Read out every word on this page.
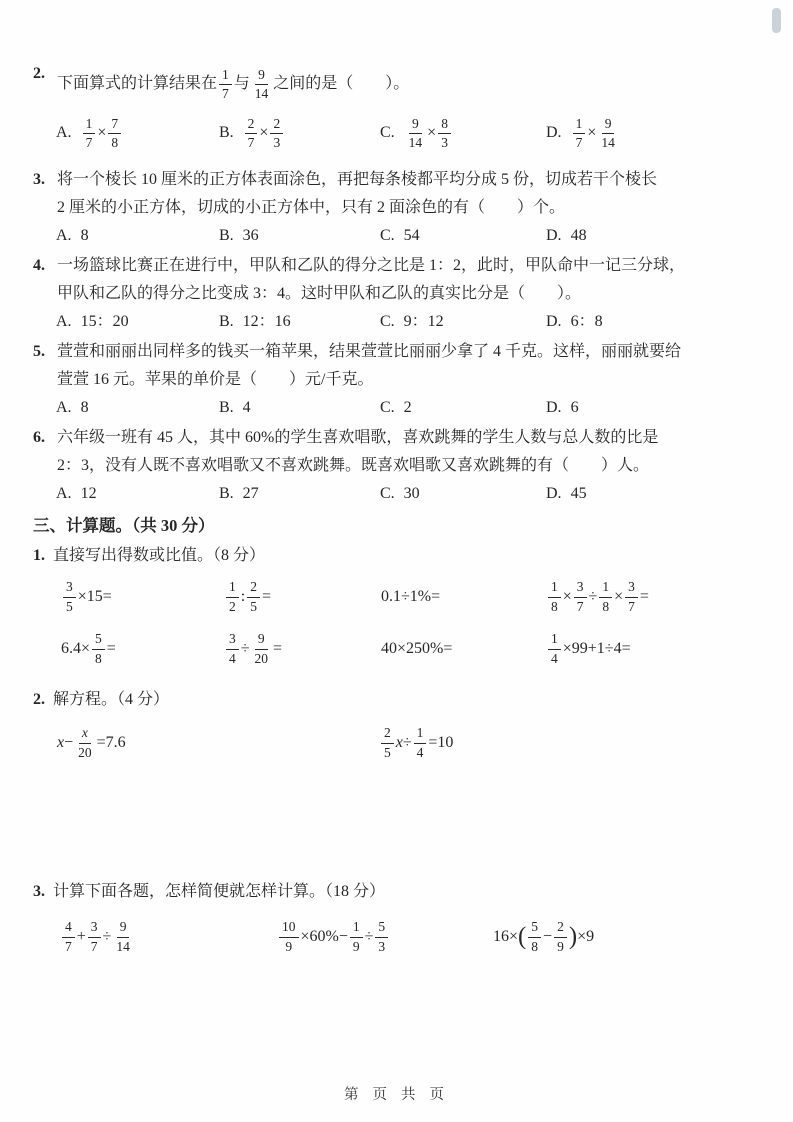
2.
下面算式的计算结果在 $\frac{1}{7}$ 与 $\frac{9}{14}$ 之间的是（　　）。
A. $\frac{1}{7} \times \frac{7}{8}$	B. $\frac{2}{7} \times \frac{2}{3}$	C. $\frac{9}{14} \times \frac{8}{3}$	D. $\frac{1}{7} \times \frac{9}{14}$
3. 将一个棱长 10 厘米的正方体表面涂色，再把每条棱都平均分成 5 份，切成若干个棱长
2 厘米的小正方体，切成的小正方体中，只有 2 面涂色的有（　　）个。
A. 8	B. 36	C. 54	D. 48
4. 一场篮球比赛正在进行中，甲队和乙队的得分之比是 1：2，此时，甲队命中一记三分球，
甲队和乙队的得分之比变成 3：4。这时甲队和乙队的真实比分是（　　）。
A. 15：20	B. 12：16	C. 9：12	D. 6：8
5. 萱萱和丽丽出同样多的钱买一箱苹果，结果萱萱比丽丽少拿了 4 千克。这样，丽丽就要给
萱萱 16 元。苹果的单价是（　　）元/千克。
A. 8	B. 4	C. 2	D. 6
6. 六年级一班有 45 人，其中 60%的学生喜欢唱歌，喜欢跳舞的学生人数与总人数的比是
2：3，没有人既不喜欢唱歌又不喜欢跳舞。既喜欢唱歌又喜欢跳舞的有（　　）人。
A. 12	B. 27	C. 30	D. 45
三、计算题。（共 30 分）
1. 直接写出得数或比值。（8 分）
$\frac{3}{5} \times 15=$	$\frac{1}{2}$ : $\frac{2}{5}$ =	0.1÷1%=	$\frac{1}{8} \times \frac{3}{7} \div \frac{1}{8} \times \frac{3}{7}$ =
$6.4\times \frac{5}{8}$ =	$\frac{3}{4} \div \frac{9}{20}$ =	40×250%=	$\frac{1}{4} \times 99+1\div 4=$
2. 解方程。（4 分）
$x - \frac{x}{20} =7.6$	$\frac{2}{5}$ $x \div \frac{1}{4} =10$
3. 计算下面各题，怎样简便就怎样计算。（18 分）
$\frac{4}{7} + \frac{3}{7} \div \frac{9}{14}$	$\frac{10}{9} \times 60\%- \frac{1}{9} \div \frac{5}{3}$	16× ( $\frac{5}{8} - \frac{2}{9}$ ) ×9
第 页 共 页
